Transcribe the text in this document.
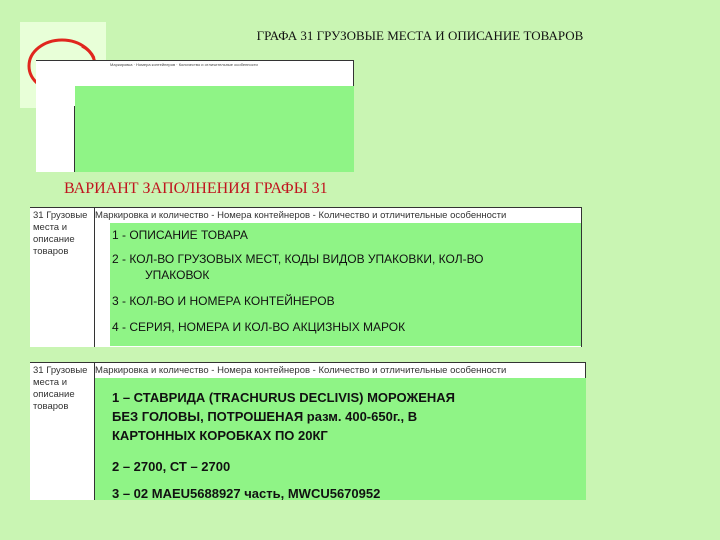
ГРАФА 31 ГРУЗОВЫЕ МЕСТА И ОПИСАНИЕ ТОВАРОВ
Маркировка · Номера контейнеров · Количество и отличительные особенности
ВАРИАНТ ЗАПОЛНЕНИЯ ГРАФЫ 31
31 Грузовые места и описание товаров
Маркировка и количество - Номера контейнеров - Количество и отличительные особенности
1 - ОПИСАНИЕ ТОВАРА
2 - КОЛ-ВО ГРУЗОВЫХ МЕСТ, КОДЫ ВИДОВ УПАКОВКИ, КОЛ-ВО
УПАКОВОК
3 - КОЛ-ВО И НОМЕРА КОНТЕЙНЕРОВ
4 - СЕРИЯ, НОМЕРА И КОЛ-ВО АКЦИЗНЫХ МАРОК
31 Грузовые места и описание товаров
Маркировка и количество - Номера контейнеров - Количество и отличительные особенности
1 – СТАВРИДА (TRACHURUS DECLIVIS) МОРОЖЕНАЯ
БЕЗ ГОЛОВЫ, ПОТРОШЕНАЯ разм. 400-650г., В
КАРТОННЫХ КОРОБКАХ ПО 20КГ
2 – 2700, СТ – 2700
3 – 02 MAEU5688927 часть, MWCU5670952
